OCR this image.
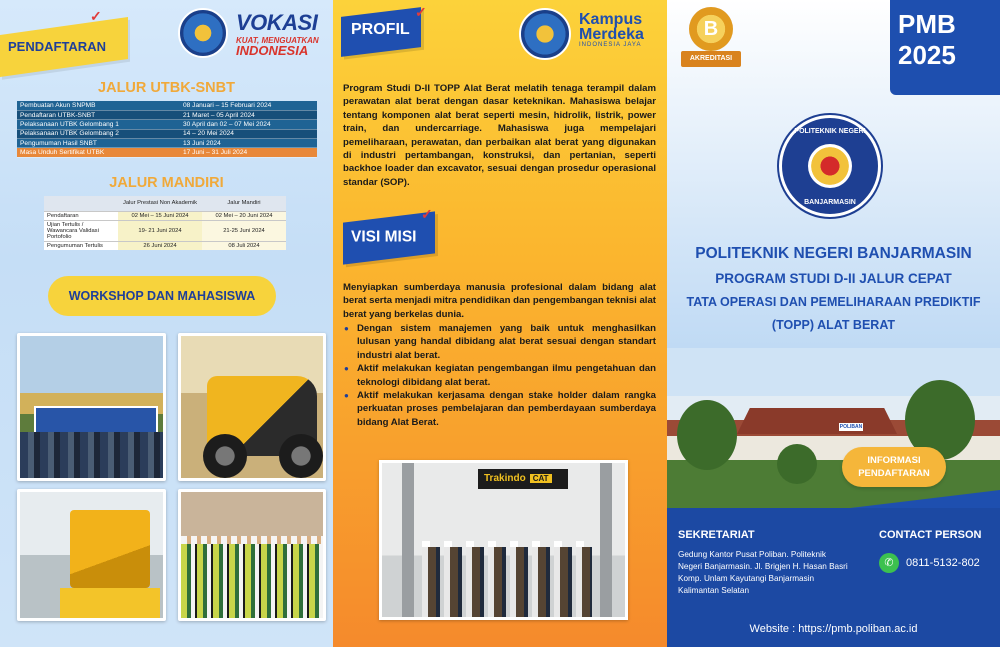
PENDAFTARAN
✓	VOKASI
KUAT, MENGUATKAN
INDONESIA
JALUR UTBK-SNBT
Pembuatan Akun SNPMB	08 Januari – 15 Februari 2024
Pendaftaran UTBK-SNBT	21 Maret – 05 April 2024
Pelaksanaan UTBK Gelombang 1	30 April dan 02 – 07 Mei 2024
Pelaksanaan UTBK Gelombang 2	14 – 20 Mei 2024
Pengumuman Hasil SNBT	13 Juni 2024
Masa Unduh Sertifikat UTBK	17 Juni – 31 Juli 2024
JALUR MANDIRI
	Jalur Prestasi Non Akademik	Jalur Mandiri
Pendaftaran	02 Mei – 15 Juni 2024	02 Mei – 20 Juni 2024
Ujian Tertulis / Wawancara Validasi Portofolio	19- 21 Juni 2024	21-25 Juni 2024
Pengumuman Tertulis	26 Juni 2024	08 Juli 2024
WORKSHOP DAN MAHASISWA
PROFIL
✓	Kampus
Merdeka
INDONESIA JAYA
VISI MISI
✓
Program Studi D-II TOPP Alat Berat melatih tenaga terampil dalam perawatan alat berat dengan dasar keteknikan. Mahasiswa belajar tentang komponen alat berat seperti mesin, hidrolik, listrik, power train, dan undercarriage. Mahasiswa juga mempelajari pemeliharaan, perawatan, dan perbaikan alat berat yang digunakan di industri pertambangan, konstruksi, dan pertanian, seperti backhoe loader dan excavator, sesuai dengan prosedur operasional standar (SOP).
Menyiapkan sumberdaya manusia profesional dalam bidang alat berat serta menjadi mitra pendidikan dan pengembangan teknisi alat berat yang berkelas dunia.
● Dengan sistem manajemen yang baik untuk menghasilkan lulusan yang handal dibidang alat berat sesuai dengan standart industri alat berat.
● Aktif melakukan kegiatan pengembangan ilmu pengetahuan dan teknologi dibidang alat berat.
● Aktif melakukan kerjasama dengan stake holder dalam rangka perkuatan proses pembelajaran dan pemberdayaan sumberdaya bidang Alat Berat.
Trakindo CAT
B
AKREDITASI
PMB
2025
POLITEKNIK NEGERI
BANJARMASIN
POLITEKNIK NEGERI BANJARMASIN
PROGRAM STUDI D-II JALUR CEPAT
TATA OPERASI DAN PEMELIHARAAN PREDIKTIF
(TOPP) ALAT BERAT
POLIBAN
INFORMASI PENDAFTARAN
SEKRETARIAT
Gedung Kantor Pusat Poliban. Politeknik Negeri Banjarmasin. Jl. Brigjen H. Hasan Basri Komp. Unlam Kayutangi Banjarmasin Kalimantan Selatan
CONTACT PERSON
✆	0811-5132-802
Website : https://pmb.poliban.ac.id
